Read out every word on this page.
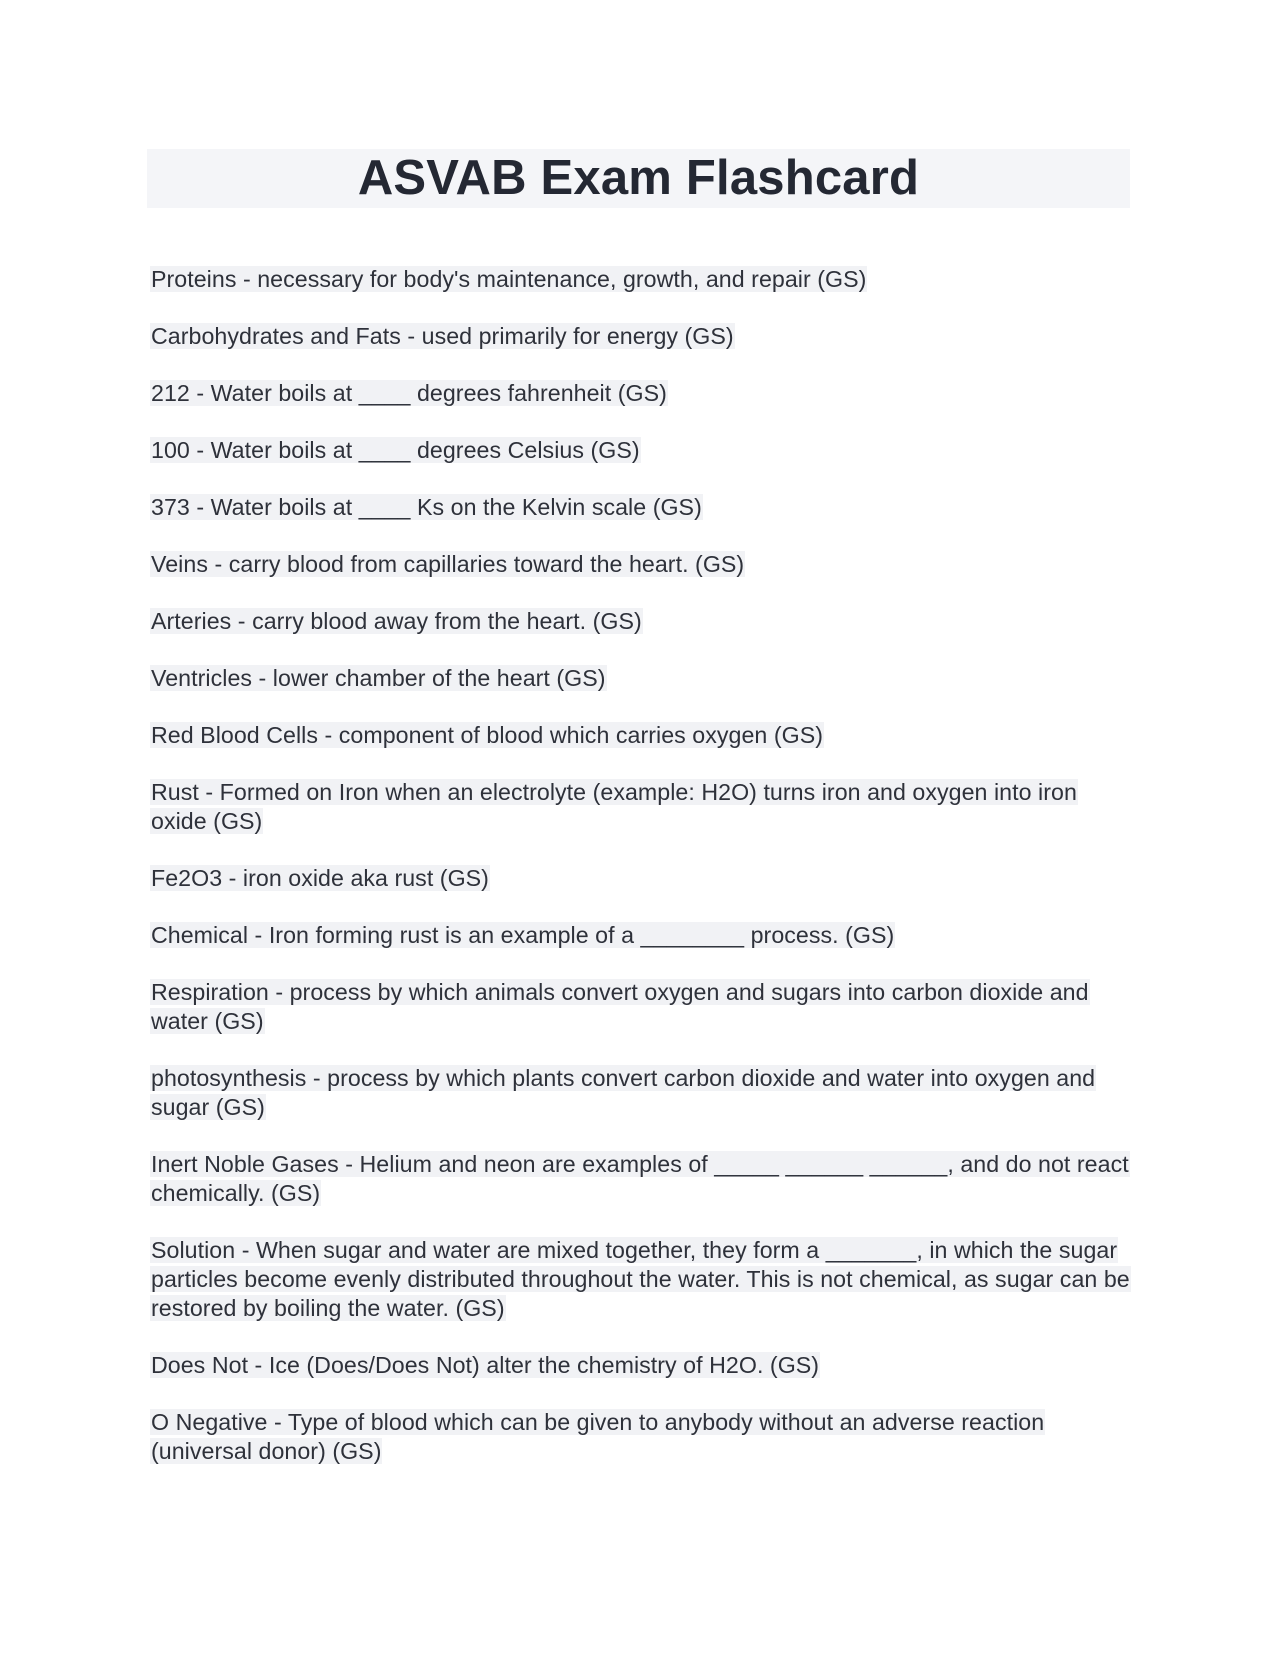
ASVAB Exam Flashcard
Proteins - necessary for body's maintenance, growth, and repair (GS)
Carbohydrates and Fats - used primarily for energy (GS)
212 - Water boils at ____ degrees fahrenheit (GS)
100 - Water boils at ____ degrees Celsius (GS)
373 - Water boils at ____ Ks on the Kelvin scale (GS)
Veins - carry blood from capillaries toward the heart. (GS)
Arteries - carry blood away from the heart. (GS)
Ventricles - lower chamber of the heart (GS)
Red Blood Cells - component of blood which carries oxygen (GS)
Rust - Formed on Iron when an electrolyte (example: H2O) turns iron and oxygen into iron oxide (GS)
Fe2O3 - iron oxide aka rust (GS)
Chemical - Iron forming rust is an example of a ________ process. (GS)
Respiration - process by which animals convert oxygen and sugars into carbon dioxide and water (GS)
photosynthesis - process by which plants convert carbon dioxide and water into oxygen and sugar (GS)
Inert Noble Gases - Helium and neon are examples of _____ ______ ______, and do not react chemically. (GS)
Solution - When sugar and water are mixed together, they form a _______, in which the sugar particles become evenly distributed throughout the water. This is not chemical, as sugar can be restored by boiling the water. (GS)
Does Not - Ice (Does/Does Not) alter the chemistry of H2O. (GS)
O Negative - Type of blood which can be given to anybody without an adverse reaction (universal donor) (GS)
